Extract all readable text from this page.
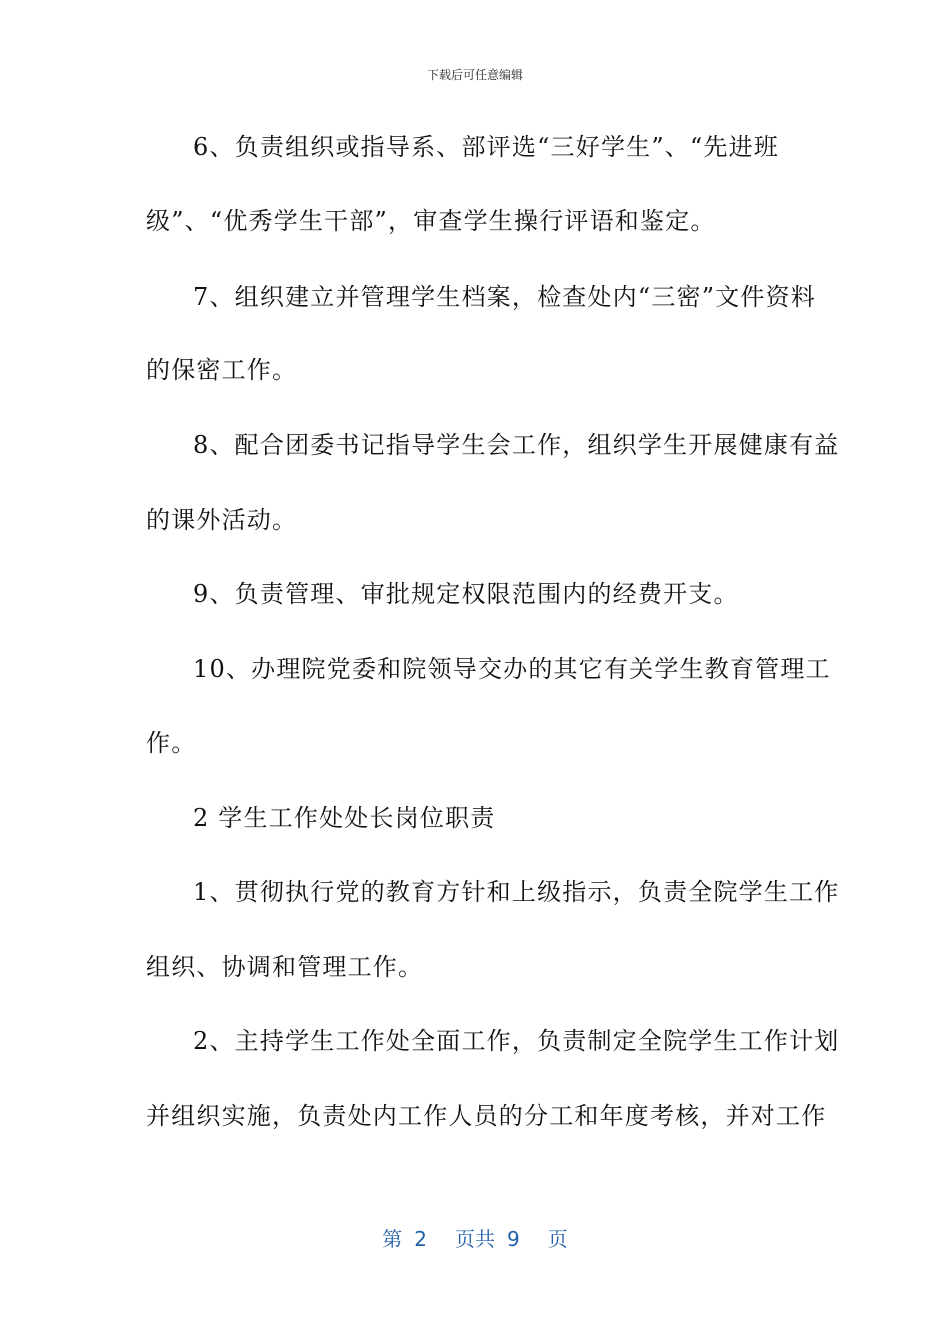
下载后可任意编辑
6、负责组织或指导系、部评选“三好学生”、“先进班
级”、“优秀学生干部”，审查学生操行评语和鉴定。
7、组织建立并管理学生档案，检查处内“三密”文件资料
的保密工作。
8、配合团委书记指导学生会工作，组织学生开展健康有益
的课外活动。
9、负责管理、审批规定权限范围内的经费开支。
10、办理院党委和院领导交办的其它有关学生教育管理工
作。
2 学生工作处处长岗位职责
1、贯彻执行党的教育方针和上级指示，负责全院学生工作
组织、协调和管理工作。
2、主持学生工作处全面工作，负责制定全院学生工作计划
并组织实施，负责处内工作人员的分工和年度考核，并对工作
第 2 页共 9 页
